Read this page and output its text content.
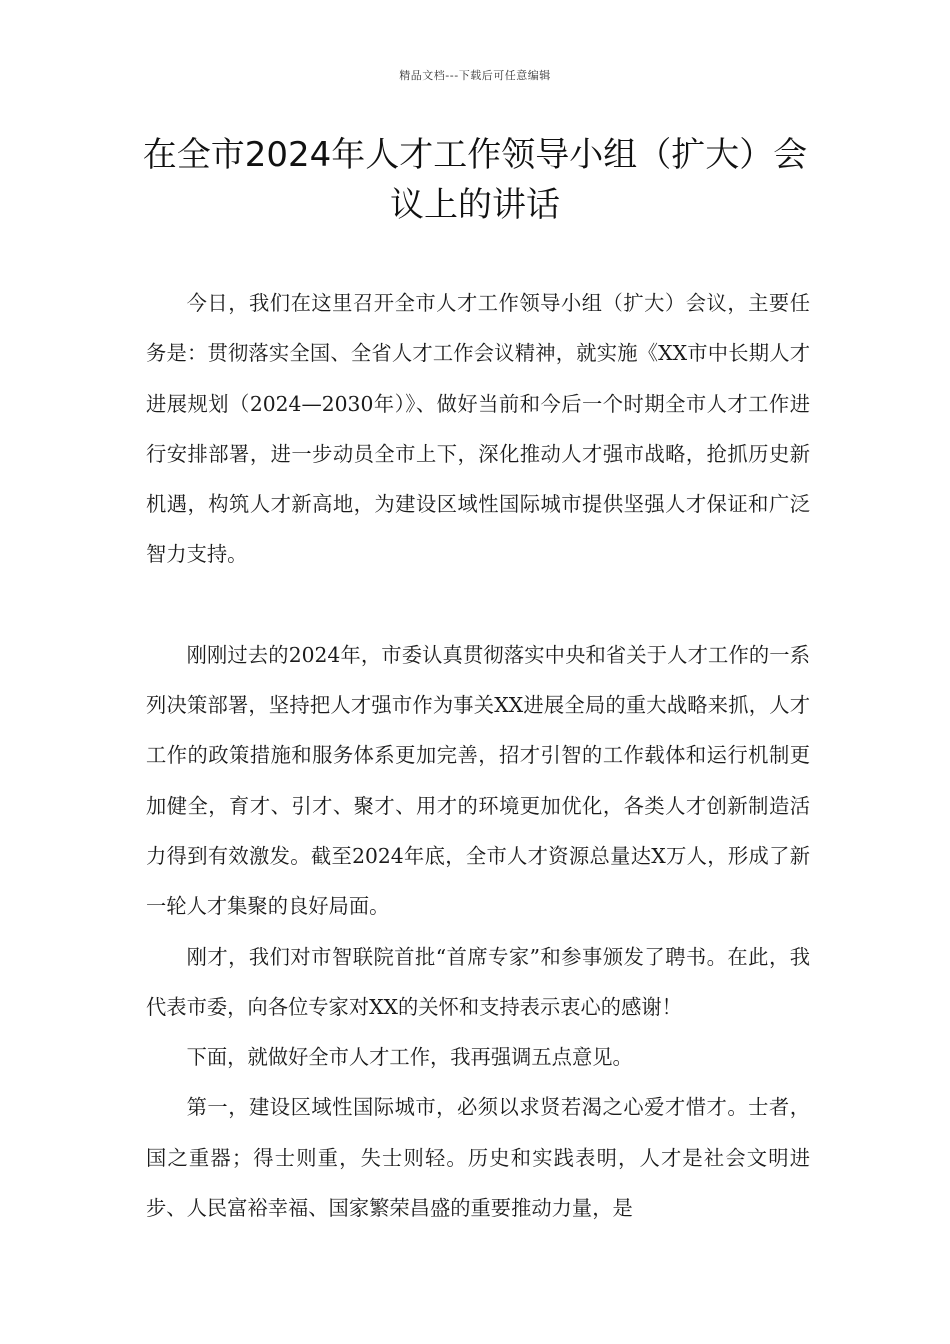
精品文档---下载后可任意编辑
在全市2024年人才工作领导小组（扩大）会议上的讲话

今日，我们在这里召开全市人才工作领导小组（扩大）会议，主要任务是：贯彻落实全国、全省人才工作会议精神，就实施《XX市中长期人才进展规划（2024—2030年）》、做好当前和今后一个时期全市人才工作进行安排部署，进一步动员全市上下，深化推动人才强市战略，抢抓历史新机遇，构筑人才新高地，为建设区域性国际城市提供坚强人才保证和广泛智力支持。

刚刚过去的2024年，市委认真贯彻落实中央和省关于人才工作的一系列决策部署，坚持把人才强市作为事关XX进展全局的重大战略来抓，人才工作的政策措施和服务体系更加完善，招才引智的工作载体和运行机制更加健全，育才、引才、聚才、用才的环境更加优化，各类人才创新制造活力得到有效激发。截至2024年底，全市人才资源总量达X万人，形成了新一轮人才集聚的良好局面。

刚才，我们对市智联院首批“首席专家”和参事颁发了聘书。在此，我代表市委，向各位专家对XX的关怀和支持表示衷心的感谢！

下面，就做好全市人才工作，我再强调五点意见。

第一，建设区域性国际城市，必须以求贤若渴之心爱才惜才。士者，国之重器；得士则重，失士则轻。历史和实践表明，人才是社会文明进步、人民富裕幸福、国家繁荣昌盛的重要推动力量，是
